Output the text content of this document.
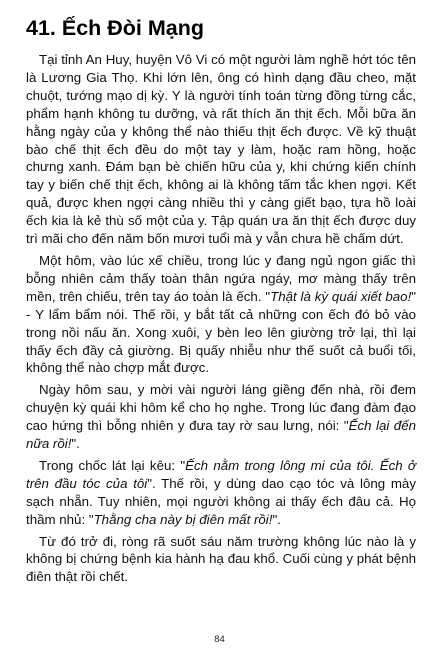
41. Ếch Đòi Mạng

Tại tỉnh An Huy, huyện Vô Vi có một người làm nghề hớt tóc tên là Lương Gia Thọ. Khi lớn lên, ông có hình dạng đầu cheo, mặt chuột, tướng mạo dị kỳ. Y là người tính toán từng đồng từng cắc, phẩm hạnh không tu dưỡng, và rất thích ăn thịt ếch. Mỗi bữa ăn hằng ngày của y không thể nào thiếu thịt ếch được. Về kỹ thuật bào chế thịt ếch đều do một tay y làm, hoặc ram hồng, hoặc chưng xanh. Đám bạn bè chiến hữu của y, khi chứng kiến chính tay y biến chế thịt ếch, không ai là không tấm tắc khen ngợi. Kết quả, được khen ngợi càng nhiều thì y càng giết bạo, tựa hồ loài ếch kia là kẻ thù số một của y. Tập quán ưa ăn thịt ếch được duy trì mãi cho đến năm bốn mươi tuổi mà y vẫn chưa hề chấm dứt.

Một hôm, vào lúc xế chiều, trong lúc y đang ngủ ngon giấc thì bỗng nhiên cảm thấy toàn thân ngứa ngáy, mơ màng thấy trên mền, trên chiếu, trên tay áo toàn là ếch. "Thật là kỳ quái xiết bao!" - Y lẩm bẩm nói. Thế rồi, y bắt tất cả những con ếch đó bỏ vào trong nồi nấu ăn. Xong xuôi, y bèn leo lên giường trở lại, thì lại thấy ếch đầy cả giường. Bị quấy nhiễu như thế suốt cả buổi tối, không thể nào chợp mắt được.

Ngày hôm sau, y mời vài người láng giềng đến nhà, rồi đem chuyện kỳ quái khi hôm kể cho họ nghe. Trong lúc đang đàm đạo cao hứng thì bỗng nhiên y đưa tay rờ sau lưng, nói: "Ếch lại đến nữa rồi!".

Trong chốc lát lại kêu: "Ếch nằm trong lông mi của tôi. Ếch ở trên đầu tóc của tôi". Thế rồi, y dùng dao cạo tóc và lông mày sạch nhẵn. Tuy nhiên, mọi người không ai thấy ếch đâu cả. Họ thầm nhủ: "Thằng cha này bị điên mất rồi!".

Từ đó trở đi, ròng rã suốt sáu năm trường không lúc nào là y không bị chứng bệnh kia hành hạ đau khổ. Cuối cùng y phát bệnh điên thật rồi chết.

84
